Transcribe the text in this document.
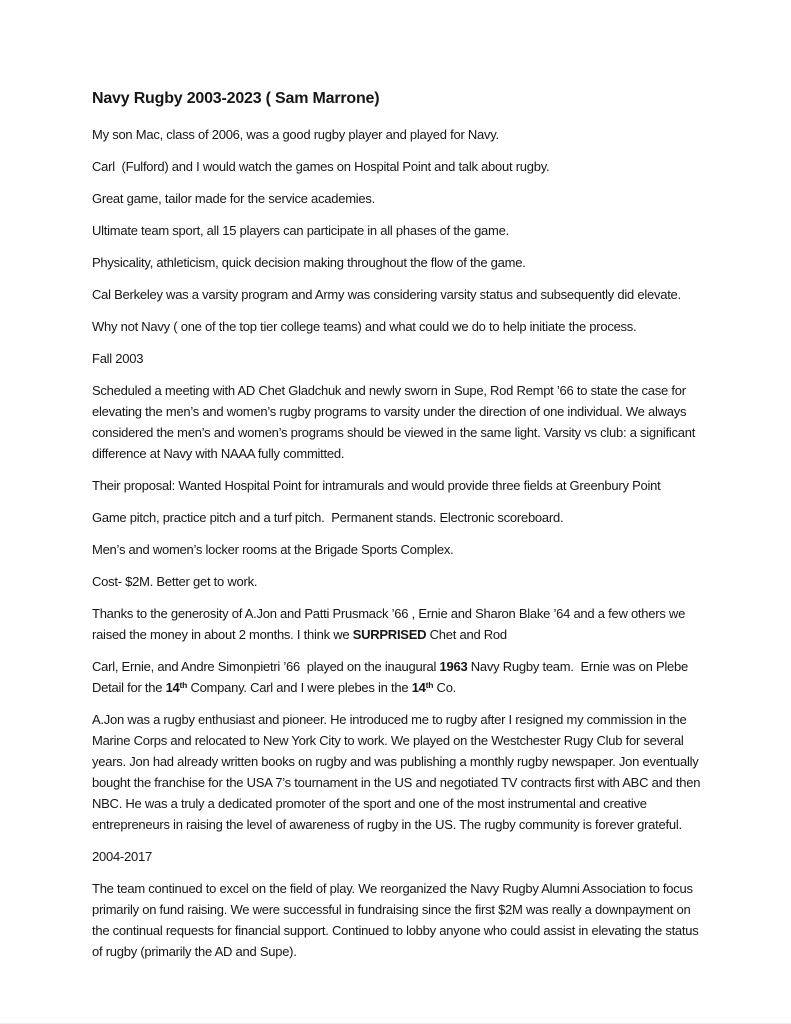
Navy Rugby 2003-2023 ( Sam Marrone)

My son Mac, class of 2006, was a good rugby player and played for Navy.

Carl  (Fulford) and I would watch the games on Hospital Point and talk about rugby.

Great game, tailor made for the service academies.

Ultimate team sport, all 15 players can participate in all phases of the game.

Physicality, athleticism, quick decision making throughout the flow of the game.

Cal Berkeley was a varsity program and Army was considering varsity status and subsequently did elevate.

Why not Navy ( one of the top tier college teams) and what could we do to help initiate the process.

Fall 2003

Scheduled a meeting with AD Chet Gladchuk and newly sworn in Supe, Rod Rempt ’66 to state the case for elevating the men’s and women’s rugby programs to varsity under the direction of one individual. We always considered the men’s and women’s programs should be viewed in the same light. Varsity vs club: a significant difference at Navy with NAAA fully committed.

Their proposal: Wanted Hospital Point for intramurals and would provide three fields at Greenbury Point

Game pitch, practice pitch and a turf pitch.  Permanent stands. Electronic scoreboard.

Men’s and women’s locker rooms at the Brigade Sports Complex.

Cost- $2M. Better get to work.

Thanks to the generosity of A.Jon and Patti Prusmack ’66 , Ernie and Sharon Blake ’64 and a few others we raised the money in about 2 months. I think we SURPRISED Chet and Rod

Carl, Ernie, and Andre Simonpietri ’66  played on the inaugural 1963 Navy Rugby team.  Ernie was on Plebe Detail for the 14th Company. Carl and I were plebes in the 14th Co.

A.Jon was a rugby enthusiast and pioneer. He introduced me to rugby after I resigned my commission in the Marine Corps and relocated to New York City to work. We played on the Westchester Rugy Club for several years. Jon had already written books on rugby and was publishing a monthly rugby newspaper. Jon eventually bought the franchise for the USA 7’s tournament in the US and negotiated TV contracts first with ABC and then NBC. He was a truly a dedicated promoter of the sport and one of the most instrumental and creative entrepreneurs in raising the level of awareness of rugby in the US. The rugby community is forever grateful.

2004-2017

The team continued to excel on the field of play. We reorganized the Navy Rugby Alumni Association to focus primarily on fund raising. We were successful in fundraising since the first $2M was really a downpayment on the continual requests for financial support. Continued to lobby anyone who could assist in elevating the status of rugby (primarily the AD and Supe).
